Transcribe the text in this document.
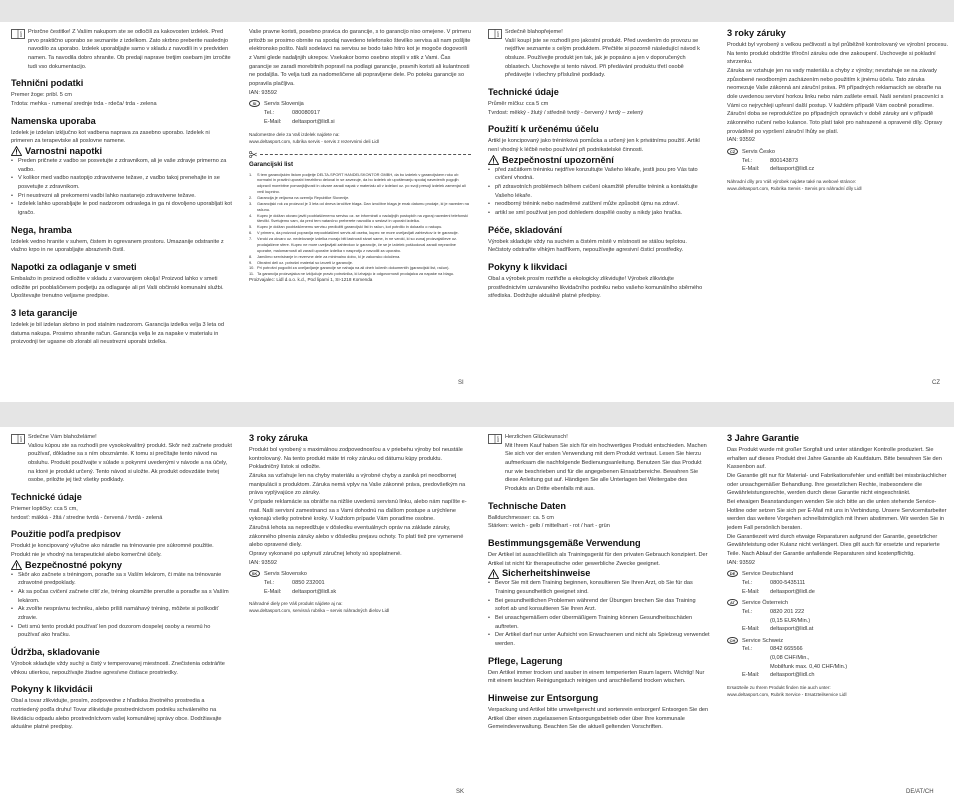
i Prisrčne čestitke! Z Vašim nakupom ste se odločili za kakovosten izdelek. Pred prvo praktično uporabo se seznanite z izdelkom. Zato skrbno preberite naslednjo navodilo za uporabo. Izdelek uporabljajte samo v skladu z navodili in v predviden namen. Ta navodila dobro shranite. Ob predaji naprave tretjim osebam jim izročite tudi vso dokumentacijo.

Tehnični podatki

Premer žoge: pribl. 5 cm
Trdota: mehka - rumena/ srednje trda - rdeča/ trda - zelena

Namenska uporaba

Izdelek je izdelan izključno kot vadbena naprava za zasebno uporabo. Izdelek ni primeren za terapevtske ali poslovne namene.

Varnostni napotki
• Preden pričnete z vadbo se posvetujte z zdravnikom, ali je vaše zdravje primerno za vadbo.
• V kolikor med vadbo nastopijo zdravstvene težave, z vadbo takoj prenehajte in se posvetujte z zdravnikom.
• Pri neustrezni ali prekomerni vadbi lahko nastanejo zdravstvene težave.
• Izdelek lahko uporabljajte le pod nadzorom odraslega in ga ni dovoljeno uporabljati kot igračo.
Nega, hramba

Izdelek vedno hranite v suhem, čistem in ogrevanem prostoru. Umazanije odstranite z vlažno krpo in ne uporabljajte abrazivnih čistil.

Napotki za odlaganje v smeti

Embalažo in proizvod odložite v skladu z varovanjem okolja! Proizvod lahko v smeti odložite pri pooblaščenem podjetju za odlaganje ali pri Vaši občinski komunalni službi. Upoštevajte trenutno veljavne predpise.

3 leta garancije

Izdelek je bil izdelan skrbno in pod stalnim nadzorom. Garancija izdelka velja 3 leta od datuma nakupa. Prosimo shranite račun. Garancija velja le za napake v materialu in proizvodnji ter ugasne ob zlorabi ali neustrezni uporabi izdelka.

Vaše pravne koristi, posebno pravica do garancije, s to garancijo niso omejene. V primeru pritožb se prosimo obrnite na spodaj navedeno telefonsko številko servisa ali nam pošljite elektronsko pošto. Naši sodelavci na servisu se bodo tako hitro kot je mogoče dogovorili z Vami glede nadaljnjih ukrepov. Vsekakor bomo osebno stopili v stik z Vami. Čas garancije se zaradi morebitnih popravil na podlagi garancije, pravnih koristi ali kulantnosti ne podaljša. To velja tudi za nadomeščene ali popravljene dele. Po poteku garancije so popravila plačljiva.

IAN: 93592

SI	Servis Slovenija

Tel.:	080080917
E-Mail:	deltasport@lidl.si

Nadomestne dele za Vaš izdelek najdete na:
www.deltasport.com, rubrika servis - servis z rezervnimi deli Lidl

Garancijski list
1.	S tem garancijskim listom podjetje DELTA-SPORT HANDELSKONTOR GMBH, da bo izdelek v garancijskem roku ob normalni in pravilni uporabi brezhibno deloval in se zavezuje, da bo izdelek ob upoštevanju spodaj navedenih pogojih odpravil morebitne pomanjkljivosti in okvare zaradi napak v materialu ali v izdelavi oz. po svoji presoji izdelek zamenjal ali vrnil kupnino.
2.	Garancija je veljavna na ozemlju Republike Slovenije.
3.	Garancijski rok za proizvod je 3 leta od dneva izročitve blaga. Dan izročitve blaga je enak datumu prodaje, ki je naveden na računu.
4.	Kupec je dolžan okvaro javiti pooblaščenemu servisu oz. se informirati o nadaljnjih postopkih na zgoraj navedeni telefonski številki. Svetujemo vam, da pred tem natančno preberete navodila o sestavi in uporabi izdelka.
5.	Kupec je dolžan pooblaščenemu servisu predložiti garancijski list in račun, kot potrdilo in dokazilo o nakupu.
6.	V primeru, da proizvod popravlja nepooblaščeni servis ali oseba, kupec ne more uveljavljati zahtevkov iz te garancije.
7.	Vzroki za okvaro oz. nedelovanje izdelka morajo biti lastnosti stvari same, in ne vzroki, ki so zunaj proizvajalčeve oz. prodajalčeve sfere. Kupec ne more uveljavljati zahtevkov iz garancije, če se je izdelek poškodoval zaradi nepravilne uporabe, malomarnosti ali zaradi uporabe izdelka v nasprotju z navodili za uporabo.
8.	Jamčimo servisiranje in rezervne dele za minimalno dobo, ki je zakonsko določena.
9.	Obrabni deli oz. potrošni material so izvzeti iz garancije.
10. Pri potrošni pogodbi za uveljavljanje garancije se nahaja na ali dneh ločenih dokumentih (garancijski list, račun).
11. Ta garancija proizvajalca ne izključuje pravic potrošnika, ki izhajajo iz odgovornosti prodajalca za napake na blagu.

Proizvajalec: Lidl d.o.o. k.d., Pod lipami 1, SI-1218 Komenda

i Srdečně blahopřejeme!
Vaší koupí jste se rozhodli pro jakostní produkt. Před uvedením do provozu se nejdříve seznamte s celým produktem. Přečtěte si pozorně následující návod k obsluze. Používejte produkt jen tak, jak je popsáno a jen v doporučených oblastech. Uschovejte si tento návod. Při předávání produktu třetí osobě předávejte i všechny příslušné podklady.

Technické údaje

Průměr míčku: cca 5 cm
Tvrdost: měkký - žlutý / středně tvrdý - červený / tvrdý – zelený

Použití k určenému účelu

Artikl je koncipovaný jako tréninková pomůcka a určený jen k privátnímu použití. Artikl není vhodný k léčbě nebo používání při podnikatelské činnosti.

Bezpečnostní upozornění
• před začátkem tréninku nejdříve konzultujte Vašeho lékaře, jestli jsou pro Vás tato cvičení vhodná.
• při zdravotních problémech během cvičení okamžitě přerušte trénink a kontaktujte Vašeho lékaře.
• neodborný trénink nebo nadměrné zatížení může způsobit újmu na zdraví.
• artikl se smí používat jen pod dohledem dospělé osoby a nikdy jako hračka.
Péče, skladování

Výrobek skladujte vždy na suchém a čistém místě v místnosti se stálou teplotou. Nečistoty odstraňte vlhkým hadříkem, nepoužívejte agresivní čisticí prostředky.

Pokyny k likvidaci

Obal a výrobek prosím roztřiďte a ekologicky zlikvidujte! Výrobek zlikvidujte prostřednictvím uznávaného likvidačního podniku nebo vašeho komunálního sběrného střediska. Dodržujte aktuálně platné předpisy.

3 roky záruky

Produkt byl vyrobený s velkou pečlivostí a byl průběžně kontrolovaný ve výrobní procesu. Na tento produkt obdržíte tříroční záruku ode dne zakoupení. Uschovejte si pokladní stvrzenku.
Záruka se vztahuje jen na vady materiálu a chyby z výroby; nevztahuje se na závady způsobené neodborným zacházením nebo použitím k jinému účelu. Tato záruka neomezuje Vaše zákonná ani záruční práva. Při případných reklamacích se obraťte na dole uvedenou servisní horkou linku nebo nám zašlete email. Naši servisní pracovníci s Vámi co nejrychleji upřesní další postup. V každém případě Vám osobně poradíme. Záruční doba se reprodukčíze po případných opravách v době záruky ani v případě zákonného ručení nebo kulance. Toto platí také pro nahrazené a opravené díly. Opravy prováděné po vypršení záruční lhůty se platí.

IAN: 93592

CZ	Servis Česko

Tel.:	800143873
E-Mail:	deltasport@lidl.cz

Náhradní díly pro Váš výrobek najdete také na webové stránce:
www.deltasport.com, Rubrika Servis - Servis pro náhradní díly Lidl

SI	CZ
i Srdečne Vám blahoželáme!
Vašou kúpou ste sa rozhodli pre vysokokvalitný produkt. Skôr než začnete produkt používať, dôkladne sa s ním oboznámte. K tomu si prečítajte tento návod na obsluhu. Produkt používajte v súlade s pokynmi uvedenými v návode a na účely, na ktoré je produkt určený. Tento návod si uložte. Ak produkt odovzdáte tretej osobe, priložte jej tiež všetky podklady.

Technické údaje

Priemer loptičky: cca 5 cm,
tvrdosť: mäkká - žltá / stredne tvrdá - červená / tvrdá - zelená

Použitie podľa predpisov

Produkt je koncipovaný výlučne ako náradie na trénovanie pre súkromné použitie. Produkt nie je vhodný na terapeutické alebo komerčné účely.

Bezpečnostné pokyny
• Skôr ako začnete s tréningom, poraďte sa s Vaším lekárom, či máte na trénovanie zdravotné predpoklady.
• Ak sa počas cvičení začnete cítiť zle, tréning okamžite prerušte a poraďte sa s Vaším lekárom.
• Ak zvolíte nesprávnu techniku, alebo príliš namáhavý tréning, môžete si poškodiť zdravie.
• Deti smú tento produkt používať len pod dozorom dospelej osoby a nesmú ho používať ako hračku.
Údržba, skladovanie

Výrobok skladujte vždy suchý a čistý v temperovanej miestnosti. Znečistenia odstráňte vlhkou utierkou, nepoužívajte žiadne agresívne čistiace prostriedky.

Pokyny k likvidácii

Obal a tovar zlikvidujte, prosím, zodpovedne z hľadiska životného prostredia a roztriedený podľa druhu! Tovar zlikvidujte prostredníctvom podniku schváleného na likvidáciu odpadu alebo prostredníctvom vašej komunálnej správy obce. Dodržiavajte aktuálne platné predpisy.

3 roky záruka

Produkt bol vyrobený s maximálnou zodpovednosťou a v priebehu výroby bol neustále kontrolovaný. Na tento produkt máte tri roky záruku od dátumu kúpy produktu. Pokladničný lístok si odložte.
Záruka sa vzťahuje len na chyby materiálu a výrobné chyby a zaniká pri neodbornej manipulácii s produktom. Záruka nemá vplyv na Vaše zákonné práva, predovšetkým na práva vyplývajúce zo záruky.
V prípade reklamácie sa obráťte na nižšie uvedenú servisnú linku, alebo nám napíšte e-mail. Naši servisní zamestnanci sa s Vami dohodnú na ďalšom postupe a urýchlene vykonajú všetky potrebné kroky. V každom prípade Vám poradíme osobne.
Záručná lehota sa nepredlžuje v dôsledku eventuálnych opráv na základe záruky, zákonného plnenia záruky alebo v dôsledku prejavu ochoty. To platí tiež pre vymenené alebo opravené diely.
Opravy vykonané po uplynutí záručnej lehoty sú spoplatnené.

IAN: 93592

SK	Servis Slovensko

Tel.:	0850 232001
E-Mail:	deltasport@lidl.sk

Náhradné diely pre Váš produkt nájdete aj na:
www.deltasport.com, servisná rubrika – servis náhradných dielov Lidl

i Herzlichen Glückwunsch!
Mit Ihrem Kauf haben Sie sich für ein hochwertiges Produkt entschieden. Machen Sie sich vor der ersten Verwendung mit dem Produkt vertraut. Lesen Sie hierzu aufmerksam die nachfolgende Bedienungsanleitung. Benutzen Sie das Produkt nur wie beschrieben und für die angegebenen Einsatzbereiche. Bewahren Sie diese Anleitung gut auf. Händigen Sie alle Unterlagen bei Weitergabe des Produkts an Dritte ebenfalls mit aus.

Technische Daten

Balldurchmesser: ca. 5 cm
Stärken: weich - gelb / mittelhart - rot / hart - grün

Bestimmungsgemäße Verwendung

Der Artikel ist ausschließlich als Trainingsgerät für den privaten Gebrauch konzipiert. Der Artikel ist nicht für therapeutische oder gewerbliche Zwecke geeignet.

Sicherheitshinweise
• Bevor Sie mit dem Training beginnen, konsultieren Sie Ihren Arzt, ob Sie für das Training gesundheitlich geeignet sind.
• Bei gesundheitlichen Problemen während der Übungen brechen Sie das Training sofort ab und konsultieren Sie Ihren Arzt.
• Bei unsachgemäßem oder übermäßigem Training können Gesundheitsschäden auftreten.
• Der Artikel darf nur unter Aufsicht von Erwachsenen und nicht als Spielzeug verwendet werden.
Pflege, Lagerung

Den Artikel immer trocken und sauber in einem temperierten Raum lagern. Wichtig! Nur mit einem leuchten Reinigungstuch reinigen und anschließend trocken wischen.

Hinweise zur Entsorgung

Verpackung und Artikel bitte umweltgerecht und sortenrein entsorgen! Entsorgen Sie den Artikel über einen zugelassenen Entsorgungsbetrieb oder über Ihre kommunale Gemeindeverwaltung. Beachten Sie die aktuell geltenden Vorschriften.

3 Jahre Garantie

Das Produkt wurde mit großer Sorgfalt und unter ständiger Kontrolle produziert. Sie erhalten auf dieses Produkt drei Jahre Garantie ab Kaufdatum. Bitte bewahren Sie den Kassenbon auf.
Die Garantie gilt nur für Material- und Fabrikationsfehler und entfällt bei missbräuchlicher oder unsachgemäßer Behandlung. Ihre gesetzlichen Rechte, insbesondere die Gewährleistungsrechte, werden durch diese Garantie nicht eingeschränkt.
Bei etwaigen Beanstandungen wenden Sie sich bitte an die unten stehende Service-Hotline oder setzen Sie sich per E-Mail mit uns in Verbindung. Unsere Servicemitarbeiter werden das weitere Vorgehen schnellstmöglich mit Ihnen abstimmen. Wir werden Sie in jedem Fall persönlich beraten.
Die Garantiezeit wird durch etwaige Reparaturen aufgrund der Garantie, gesetzlicher Gewährleistung oder Kulanz nicht verlängert. Dies gilt auch für ersetzte und reparierte Teile. Nach Ablauf der Garantie anfallende Reparaturen sind kostenpflichtig.

IAN: 93592

DE	Service Deutschland

Tel.:	0800-5435111
E-Mail:	deltasport@lidl.de
AT	Service Österreich

Tel.:	0820 201 222
(0,15 EUR/Min.)
E-Mail:	deltasport@lidl.at
CH	Service Schweiz

Tel.:	0842 665566
(0,08 CHF/Min.,
Mobilfunk max. 0,40 CHF/Min.)
E-Mail:	deltasport@lidl.ch

Ersatzteile zu Ihrem Produkt finden Sie auch unter:
www.deltasport.com, Rubrik Service - Ersatzteilservice Lidl

SK	DE/AT/CH
